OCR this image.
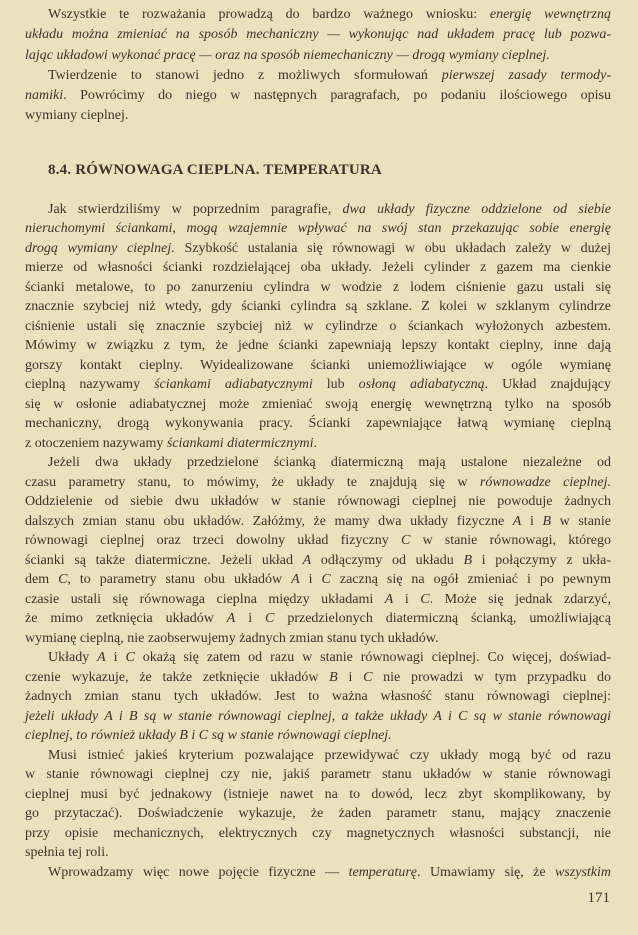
Wszystkie te rozważania prowadzą do bardzo ważnego wniosku: energię wewnętrzną
układu można zmieniać na sposób mechaniczny — wykonując nad układem pracę lub pozwa-
lając układowi wykonać pracę — oraz na sposób niemechaniczny — drogą wymiany cieplnej.
Twierdzenie to stanowi jedno z możliwych sformułowań pierwszej zasady termody-
namiki. Powrócimy do niego w następnych paragrafach, po podaniu ilościowego opisu
wymiany cieplnej.
8.4. RÓWNOWAGA CIEPLNA. TEMPERATURA
Jak stwierdziliśmy w poprzednim paragrafie, dwa układy fizyczne oddzielone od siebie
nieruchomymi ściankami, mogą wzajemnie wpływać na swój stan przekazując sobie energię
drogą wymiany cieplnej. Szybkość ustalania się równowagi w obu układach zależy w dużej
mierze od własności ścianki rozdzielającej oba układy. Jeżeli cylinder z gazem ma cienkie
ścianki metalowe, to po zanurzeniu cylindra w wodzie z lodem ciśnienie gazu ustali się
znacznie szybciej niż wtedy, gdy ścianki cylindra są szklane. Z kolei w szklanym cylindrze
ciśnienie ustali się znacznie szybciej niż w cylindrze o ściankach wyłożonych azbestem.
Mówimy w związku z tym, że jedne ścianki zapewniają lepszy kontakt cieplny, inne dają
gorszy kontakt cieplny. Wyidealizowane ścianki uniemożliwiające w ogóle wymianę
cieplną nazywamy ściankami adiabatycznymi lub osłoną adiabatyczną. Układ znajdujący
się w osłonie adiabatycznej może zmieniać swoją energię wewnętrzną tylko na sposób
mechaniczny, drogą wykonywania pracy. Ścianki zapewniające łatwą wymianę cieplną
z otoczeniem nazywamy ściankami diatermicznymi.
Jeżeli dwa układy przedzielone ścianką diatermiczną mają ustalone niezależne od
czasu parametry stanu, to mówimy, że układy te znajdują się w równowadze cieplnej.
Oddzielenie od siebie dwu układów w stanie równowagi cieplnej nie powoduje żadnych
dalszych zmian stanu obu układów. Załóżmy, że mamy dwa układy fizyczne A i B w stanie
równowagi cieplnej oraz trzeci dowolny układ fizyczny C w stanie równowagi, którego
ścianki są także diatermiczne. Jeżeli układ A odłączymy od układu B i połączymy z ukła-
dem C, to parametry stanu obu układów A i C zaczną się na ogół zmieniać i po pewnym
czasie ustali się równowaga cieplna między układami A i C. Może się jednak zdarzyć,
że mimo zetknięcia układów A i C przedzielonych diatermiczną ścianką, umożliwiającą
wymianę cieplną, nie zaobserwujemy żadnych zmian stanu tych układów.
Układy A i C okażą się zatem od razu w stanie równowagi cieplnej. Co więcej, doświad-
czenie wykazuje, że także zetknięcie układów B i C nie prowadzi w tym przypadku do
żadnych zmian stanu tych układów. Jest to ważna własność stanu równowagi cieplnej:
jeżeli układy A i B są w stanie równowagi cieplnej, a także układy A i C są w stanie równowagi
cieplnej, to również układy B i C są w stanie równowagi cieplnej.
Musi istnieć jakieś kryterium pozwalające przewidywać czy układy mogą być od razu
w stanie równowagi cieplnej czy nie, jakiś parametr stanu układów w stanie równowagi
cieplnej musi być jednakowy (istnieje nawet na to dowód, lecz zbyt skomplikowany, by
go przytaczać). Doświadczenie wykazuje, że żaden parametr stanu, mający znaczenie
przy opisie mechanicznych, elektrycznych czy magnetycznych własności substancji, nie
spełnia tej roli.
Wprowadzamy więc nowe pojęcie fizyczne — temperaturę. Umawiamy się, że wszystkim
171
